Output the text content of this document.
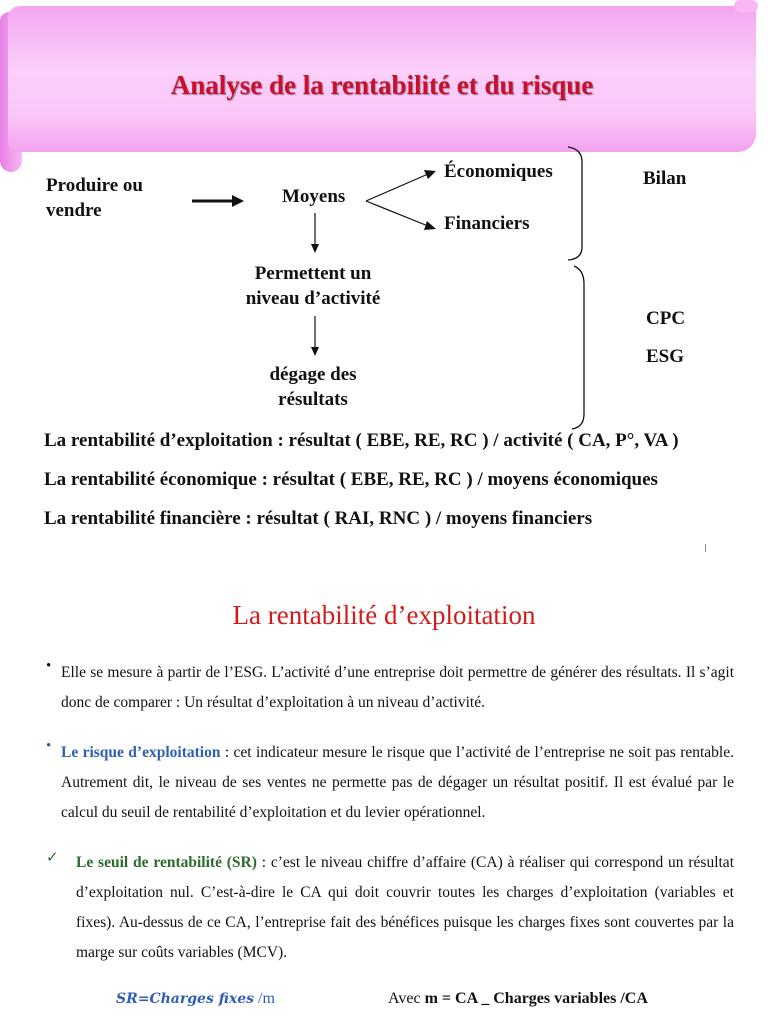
Analyse de la rentabilité et du risque
Produire ou vendre
Moyens
Économiques
Financiers
Permettent un niveau d’activité
dégage des résultats
Bilan
CPC
ESG
La rentabilité d’exploitation : résultat ( EBE, RE, RC ) / activité ( CA, P°, VA )
La rentabilité économique : résultat ( EBE, RE, RC ) / moyens économiques
La rentabilité financière : résultat ( RAI, RNC ) / moyens financiers
La rentabilité d’exploitation
• Elle se mesure à partir de l’ESG. L’activité d’une entreprise doit permettre de générer des résultats. Il s’agit donc de comparer : Un résultat d’exploitation à un niveau d’activité.
• Le risque d’exploitation : cet indicateur mesure le risque que l’activité de l’entreprise ne soit pas rentable. Autrement dit, le niveau de ses ventes ne permette pas de dégager un résultat positif. Il est évalué par le calcul du seuil de rentabilité d’exploitation et du levier opérationnel.
✓ Le seuil de rentabilité (SR) : c’est le niveau chiffre d’affaire (CA) à réaliser qui correspond un résultat d’exploitation nul. C’est-à-dire le CA qui doit couvrir toutes les charges d’exploitation (variables et fixes). Au-dessus de ce CA, l’entreprise fait des bénéfices puisque les charges fixes sont couvertes par la marge sur coûts variables (MCV).
SR=Charges fixes /m	Avec m = CA _ Charges variables /CA
